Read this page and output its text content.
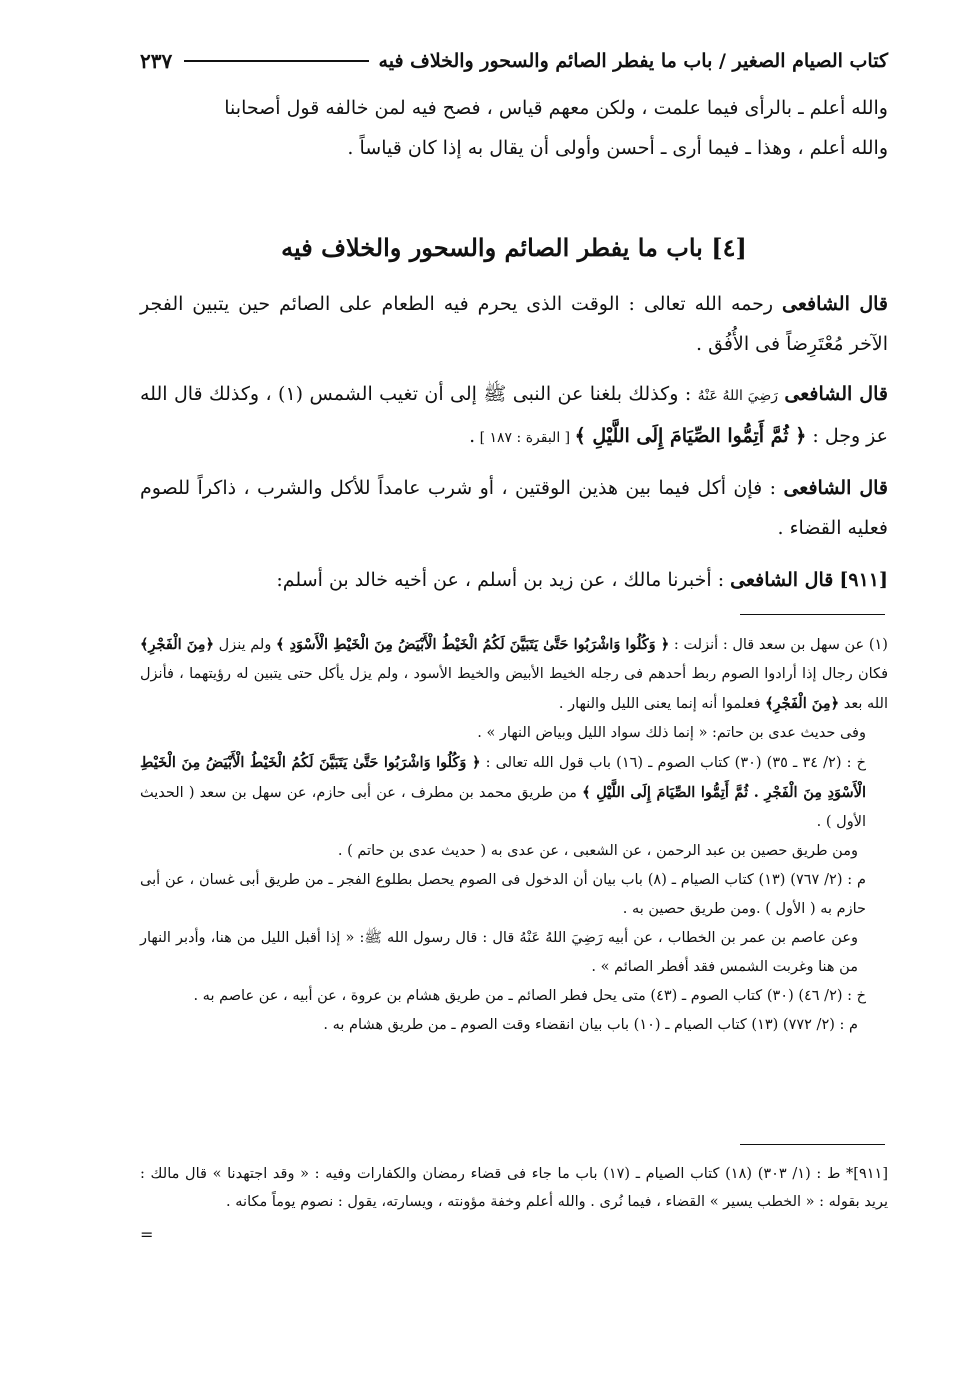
كتاب الصيام الصغير / باب ما يفطر الصائم والسحور والخلاف فيه
٢٣٧

والله أعلم ـ بالرأى فيما علمت ، ولكن معهم قياس ، فصح فيه لمن خالفه قول أصحابنا

والله أعلم ، وهذا ـ فيما أرى ـ أحسن وأولى أن يقال به إذا كان قياساً .

[٤] باب ما يفطر الصائم والسحور والخلاف فيه

قال الشافعى رحمه الله تعالى : الوقت الذى يحرم فيه الطعام على الصائم حين يتبين الفجر الآخر مُعْتَرِضاً فى الأُفُق .

قال الشافعى رَضِيَ اللهُ عَنْهُ : وكذلك بلغنا عن النبى ﷺ إلى أن تغيب الشمس (١) ، وكذلك قال الله عز وجل : ﴿ ثُمَّ أَتِمُّوا الصِّيَامَ إِلَى اللَّيْلِ ﴾ [ البقرة : ١٨٧ ] .

قال الشافعى : فإن أكل فيما بين هذين الوقتين ، أو شرب عامداً للأكل والشرب ، ذاكراً للصوم فعليه القضاء .

[٩١١] قال الشافعى : أخبرنا مالك ، عن زيد بن أسلم ، عن أخيه خالد بن أسلم:

(١) عن سهل بن سعد قال : أنزلت : ﴿ وَكُلُوا وَاشْرَبُوا حَتَّىٰ يَتَبَيَّنَ لَكُمُ الْخَيْطُ الْأَبْيَضُ مِنَ الْخَيْطِ الْأَسْوَدِ ﴾ ولم ينزل ﴿مِنَ الْفَجْرِ﴾ فكان رجال إذا أرادوا الصوم ربط أحدهم فى رجله الخيط الأبيض والخيط الأسود ، ولم يزل يأكل حتى يتبين له رؤيتهما ، فأنزل الله بعد ﴿مِنَ الْفَجْرِ﴾ فعلموا أنه إنما يعنى الليل والنهار .

وفى حديث عدى بن حاتم: « إنما ذلك سواد الليل وبياض النهار » .

خ : (٢/ ٣٤ ـ ٣٥) (٣٠) كتاب الصوم ـ (١٦) باب قول الله تعالى : ﴿ وَكُلُوا وَاشْرَبُوا حَتَّىٰ يَتَبَيَّنَ لَكُمُ الْخَيْطُ الْأَبْيَضُ مِنَ الْخَيْطِ الْأَسْوَدِ مِنَ الْفَجْرِ . ثُمَّ أَتِمُّوا الصِّيَامَ إِلَى اللَّيْلِ ﴾ من طريق محمد بن مطرف ، عن أبى حازم، عن سهل بن سعد ( الحديث الأول ) .

ومن طريق حصين بن عبد الرحمن ، عن الشعبى ، عن عدى به ( حديث عدى بن حاتم ) .

م : (٢/ ٧٦٧) (١٣) كتاب الصيام ـ (٨) باب بيان أن الدخول فى الصوم يحصل بطلوع الفجر ـ من طريق أبى غسان ، عن أبى حازم به ( الأول ) .ومن طريق حصين به .

وعن عاصم بن عمر بن الخطاب ، عن أبيه رَضِيَ اللهُ عَنْهُ قال : قال رسول الله ﷺ: « إذا أقبل الليل من هنا، وأدبر النهار من هنا وغربت الشمس فقد أفطر الصائم » .

خ : (٢/ ٤٦) (٣٠) كتاب الصوم ـ (٤٣) متى يحل فطر الصائم ـ من طريق هشام بن عروة ، عن أبيه ، عن عاصم به .

م : (٢/ ٧٧٢) (١٣) كتاب الصيام ـ (١٠) باب بيان انقضاء وقت الصوم ـ من طريق هشام به .

[٩١١]* ط : (١/ ٣٠٣) (١٨) كتاب الصيام ـ (١٧) باب ما جاء فى قضاء رمضان والكفارات وفيه : « وقد اجتهدنا » قال مالك : يريد بقوله : « الخطب يسير » القضاء ، فيما نُرى . والله أعلم وخفة مؤونته ، ويسارته، يقول : نصوم يوماً مكانه .

=
